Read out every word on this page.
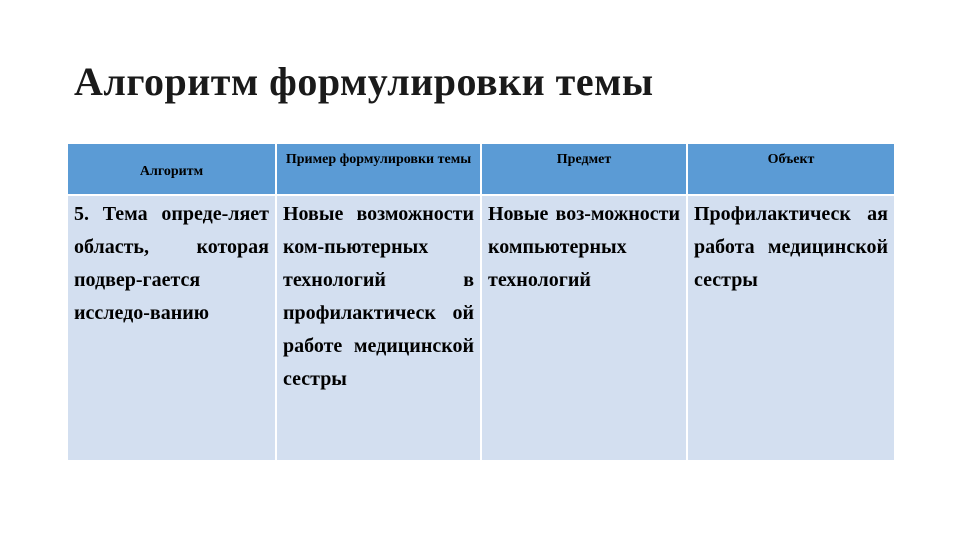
Алгоритм формулировки темы
Алгоритм	Пример формулировки темы	Предмет	Объект

5. Тема опреде-ляет область, которая подвер-гается исследо-ванию	Новые возможности ком-пьютерных технологий в профилактическ ой работе медицинской сестры	Новые воз-можности компьютерных технологий	Профилактическ ая работа медицинской сестры
